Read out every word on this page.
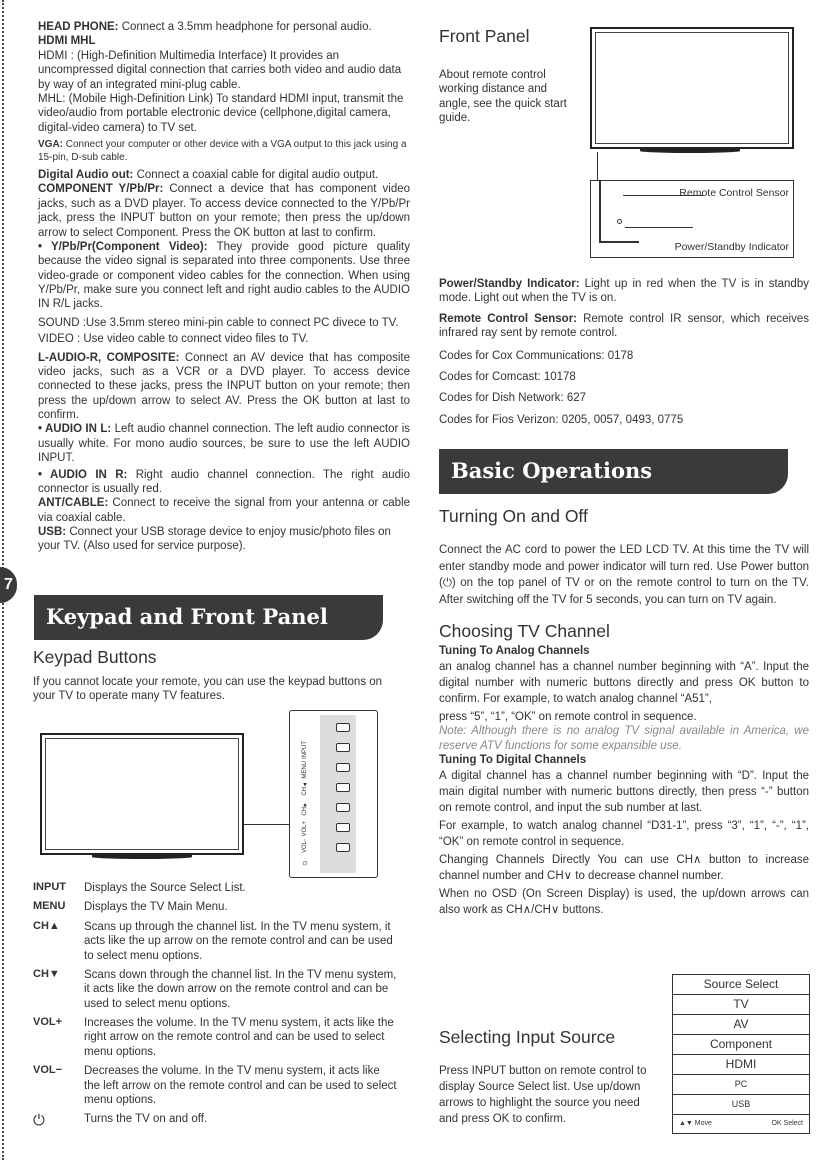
7

HEAD PHONE: Connect a 3.5mm headphone for personal audio.

HDMI MHL

HDMI : (High-Definition Multimedia Interface) It provides an uncompressed digital connection that carries both video and audio data by way of an integrated mini-plug cable.

MHL: (Mobile High-Definition Link) To standard HDMI input, transmit the video/audio from portable electronic device (cellphone,digital camera, digital-video camera) to TV set.

VGA: Connect your computer or other device with a VGA output to this jack using a 15-pin, D-sub cable.

Digital Audio out: Connect a coaxial cable for digital audio output.

COMPONENT Y/Pb/Pr: Connect a device that has component video jacks, such as a DVD player. To access device connected to the Y/Pb/Pr jack, press the INPUT button on your remote; then press the up/down arrow to select Component. Press the OK button at last to confirm.

• Y/Pb/Pr(Component Video): They provide good picture quality because the video signal is separated into three components. Use three video-grade or component video cables for the connection. When using Y/Pb/Pr, make sure you connect left and right audio cables to the AUDIO IN R/L jacks.

SOUND :Use 3.5mm stereo mini-pin cable to connect PC divece to TV.

VIDEO : Use video cable to connect video files to TV.

L-AUDIO-R, COMPOSITE: Connect an AV device that has composite video jacks, such as a VCR or a DVD player. To access device connected to these jacks, press the INPUT button on your remote; then press the up/down arrow to select AV. Press the OK button at last to confirm.

• AUDIO IN L: Left audio channel connection. The left audio connector is usually white. For mono audio sources, be sure to use the left AUDIO INPUT.

• AUDIO IN R: Right audio channel connection. The right audio connector is usually red.

ANT/CABLE: Connect to receive the signal from your antenna or cable via coaxial cable.

USB: Connect your USB storage device to enjoy music/photo files on your TV. (Also used for service purpose).

Keypad and Front Panel
Keypad Buttons

If you cannot locate your remote, you can use the keypad buttons on your TV to operate many TV features.

INPUT
MENU
CH▲
CH▼
VOL+
VOL-
⏻
INPUT	Displays the Source Select List.
MENU	Displays the TV Main Menu.
CH▲	Scans up through the channel list. In the TV menu system, it acts like the up arrow on the remote control and can be used to select menu options.
CH▼	Scans down through the channel list. In the TV menu system, it acts like the down arrow on the remote control and can be used to select menu options.
VOL+	Increases the volume. In the TV menu system, it acts like the right arrow on the remote control and can be used to select menu options.
VOL−	Decreases the volume. In the TV menu system, it acts like the left arrow on the remote control and can be used to select menu options.
⏻	Turns the TV on and off.
Front Panel

About remote control working distance and angle, see the quick start guide.

Remote Control Sensor
Power/Standby Indicator

Power/Standby Indicator: Light up in red when the TV is in standby mode. Light out when the TV is on.

Remote Control Sensor: Remote control IR sensor, which receives infrared ray sent by remote control.

Codes for Cox Communications: 0178

Codes for Comcast: 10178

Codes for Dish Network: 627

Codes for Fios Verizon: 0205, 0057, 0493, 0775

Basic Operations
Turning On and Off

Connect the AC cord to power the LED LCD TV. At this time the TV will enter standby mode and power indicator will turn red. Use Power button (⏻) on the top panel of TV or on the remote control to turn on the TV. After switching off the TV for 5 seconds, you can turn on TV again.

Choosing TV Channel
Tuning To Analog Channels

an analog channel has a channel number beginning with “A”. Input the digital number with numeric buttons directly and press OK button to confirm. For example, to watch analog channel “A51”,

press “5”, “1”, “OK” on remote control in sequence.

Note: Although there is no analog TV signal available in America, we reserve ATV functions for some expansible use.

Tuning To Digital Channels

A digital channel has a channel number beginning with “D”. Input the main digital number with numeric buttons directly, then press “-” button on remote control, and input the sub number at last.

For example, to watch analog channel “D31-1”, press “3”, “1”, “-”, “1”, “OK” on remote control in sequence.

Changing Channels Directly You can use CH∧ button to increase channel number and CH∨ to decrease channel number.

When no OSD (On Screen Display) is used, the up/down arrows can also work as CH∧/CH∨ buttons.

Selecting Input Source

Press INPUT button on remote control to display Source Select list. Use up/down arrows to highlight the source you need and press OK to confirm.

Source Select
TV
AV
Component
HDMI
PC
USB
▲▼ Move	OK Select
